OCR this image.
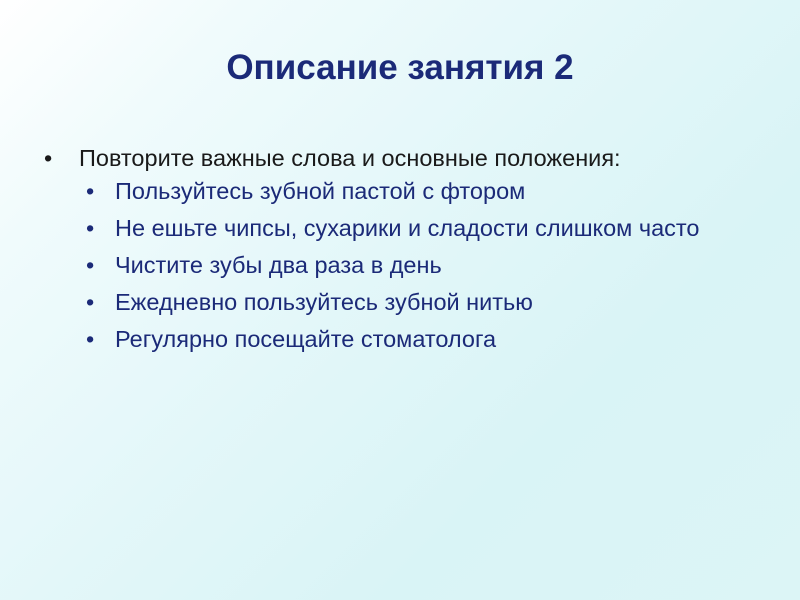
Описание занятия 2
• Повторите важные слова и основные положения:
• Пользуйтесь зубной пастой с фтором
• Не ешьте чипсы, сухарики и сладости слишком часто
• Чистите зубы два раза в день
• Ежедневно пользуйтесь зубной нитью
• Регулярно посещайте стоматолога
